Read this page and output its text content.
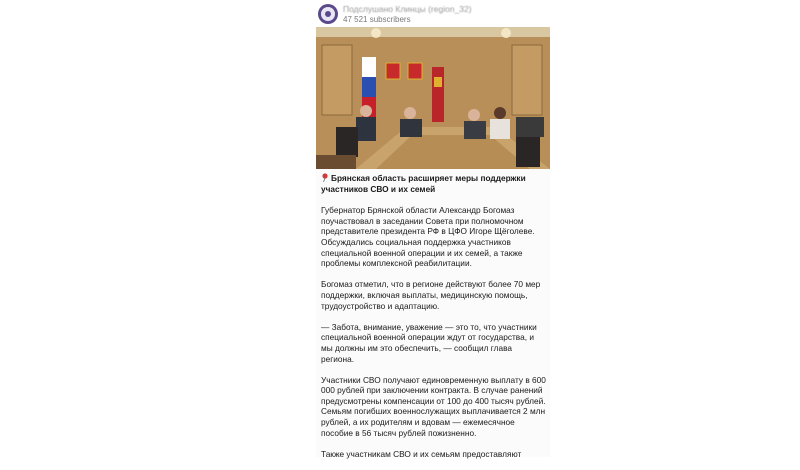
Подслушано Клинцы (region_32)
47 521 subscribers
Брянская область расширяет меры поддержки участников СВО и их семей

Губернатор Брянской области Александр Богомаз поучаствовал в заседании Совета при полномочном представителе президента РФ в ЦФО Игоре Щёголеве. Обсуждались социальная поддержка участников специальной военной операции и их семей, а также проблемы комплексной реабилитации.

Богомаз отметил, что в регионе действуют более 70 мер поддержки, включая выплаты, медицинскую помощь, трудоустройство и адаптацию.

— Забота, внимание, уважение — это то, что участники специальной военной операции ждут от государства, и мы должны им это обеспечить, — сообщил глава региона.

Участники СВО получают единовременную выплату в 600 000 рублей при заключении контракта. В случае ранений предусмотрены компенсации от 100 до 400 тысяч рублей. Семьям погибших военнослужащих выплачивается 2 млн рублей, а их родителям и вдовам — ежемесячное пособие в 56 тысяч рублей пожизненно.

Также участникам СВО и их семьям предоставляют
